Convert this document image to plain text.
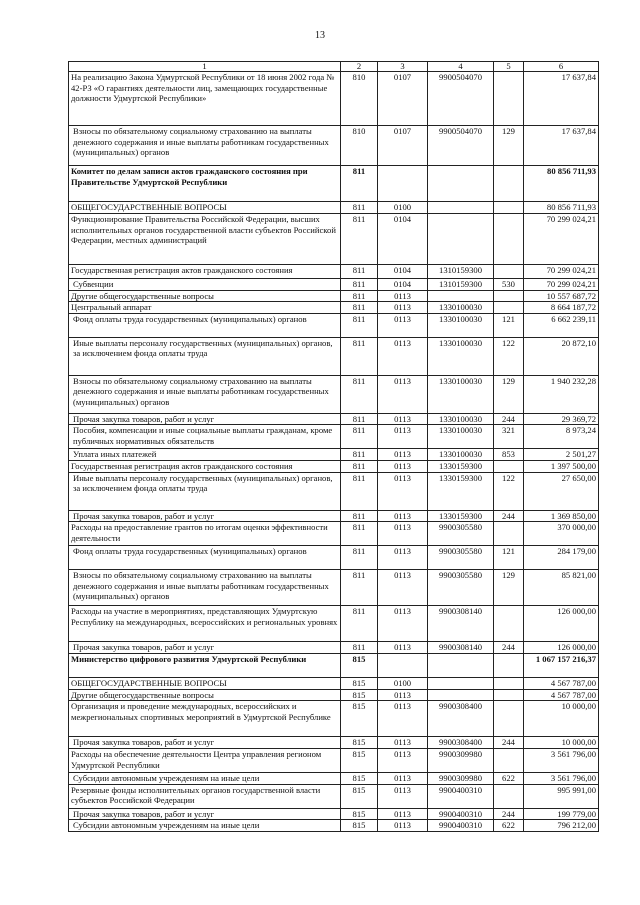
13
1	2	3	4	5	6
На реализацию Закона Удмуртской Республики от 18 июня 2002 года № 42-РЗ «О гарантиях деятельности лиц, замещающих государственные должности Удмуртской Республики»	810	0107	9900504070		17 637,84
Взносы по обязательному социальному страхованию на выплаты денежного содержания и иные выплаты работникам государственных (муниципальных) органов	810	0107	9900504070	129	17 637,84
Комитет по делам записи актов гражданского состояния при Правительстве Удмуртской Республики	811				80 856 711,93
ОБЩЕГОСУДАРСТВЕННЫЕ ВОПРОСЫ	811	0100			80 856 711,93
Функционирование Правительства Российской Федерации, высших исполнительных органов государственной власти субъектов Российской Федерации, местных администраций	811	0104			70 299 024,21
Государственная регистрация актов гражданского состояния	811	0104	1310159300		70 299 024,21
Субвенции	811	0104	1310159300	530	70 299 024,21
Другие общегосударственные вопросы	811	0113			10 557 687,72
Центральный аппарат	811	0113	1330100030		8 664 187,72
Фонд оплаты труда государственных (муниципальных) органов	811	0113	1330100030	121	6 662 239,11
Иные выплаты персоналу государственных (муниципальных) органов, за исключением фонда оплаты труда	811	0113	1330100030	122	20 872,10
Взносы по обязательному социальному страхованию на выплаты денежного содержания и иные выплаты работникам государственных (муниципальных) органов	811	0113	1330100030	129	1 940 232,28
Прочая закупка товаров, работ и услуг	811	0113	1330100030	244	29 369,72
Пособия, компенсации и иные социальные выплаты гражданам, кроме публичных нормативных обязательств	811	0113	1330100030	321	8 973,24
Уплата иных платежей	811	0113	1330100030	853	2 501,27
Государственная регистрация актов гражданского состояния	811	0113	1330159300		1 397 500,00
Иные выплаты персоналу государственных (муниципальных) органов, за исключением фонда оплаты труда	811	0113	1330159300	122	27 650,00
Прочая закупка товаров, работ и услуг	811	0113	1330159300	244	1 369 850,00
Расходы на предоставление грантов по итогам оценки эффективности деятельности	811	0113	9900305580		370 000,00
Фонд оплаты труда государственных (муниципальных) органов	811	0113	9900305580	121	284 179,00
Взносы по обязательному социальному страхованию на выплаты денежного содержания и иные выплаты работникам государственных (муниципальных) органов	811	0113	9900305580	129	85 821,00
Расходы на участие в мероприятиях, представляющих Удмуртскую Республику на международных, всероссийских и региональных уровнях	811	0113	9900308140		126 000,00
Прочая закупка товаров, работ и услуг	811	0113	9900308140	244	126 000,00
Министерство цифрового развития Удмуртской Республики	815				1 067 157 216,37
ОБЩЕГОСУДАРСТВЕННЫЕ ВОПРОСЫ	815	0100			4 567 787,00
Другие общегосударственные вопросы	815	0113			4 567 787,00
Организация и проведение международных, всероссийских и межрегиональных спортивных мероприятий в Удмуртской Республике	815	0113	9900308400		10 000,00
Прочая закупка товаров, работ и услуг	815	0113	9900308400	244	10 000,00
Расходы на обеспечение деятельности Центра управления регионом Удмуртской Республики	815	0113	9900309980		3 561 796,00
Субсидии автономным учреждениям на иные цели	815	0113	9900309980	622	3 561 796,00
Резервные фонды исполнительных органов государственной власти субъектов Российской Федерации	815	0113	9900400310		995 991,00
Прочая закупка товаров, работ и услуг	815	0113	9900400310	244	199 779,00
Субсидии автономным учреждениям на иные цели	815	0113	9900400310	622	796 212,00
